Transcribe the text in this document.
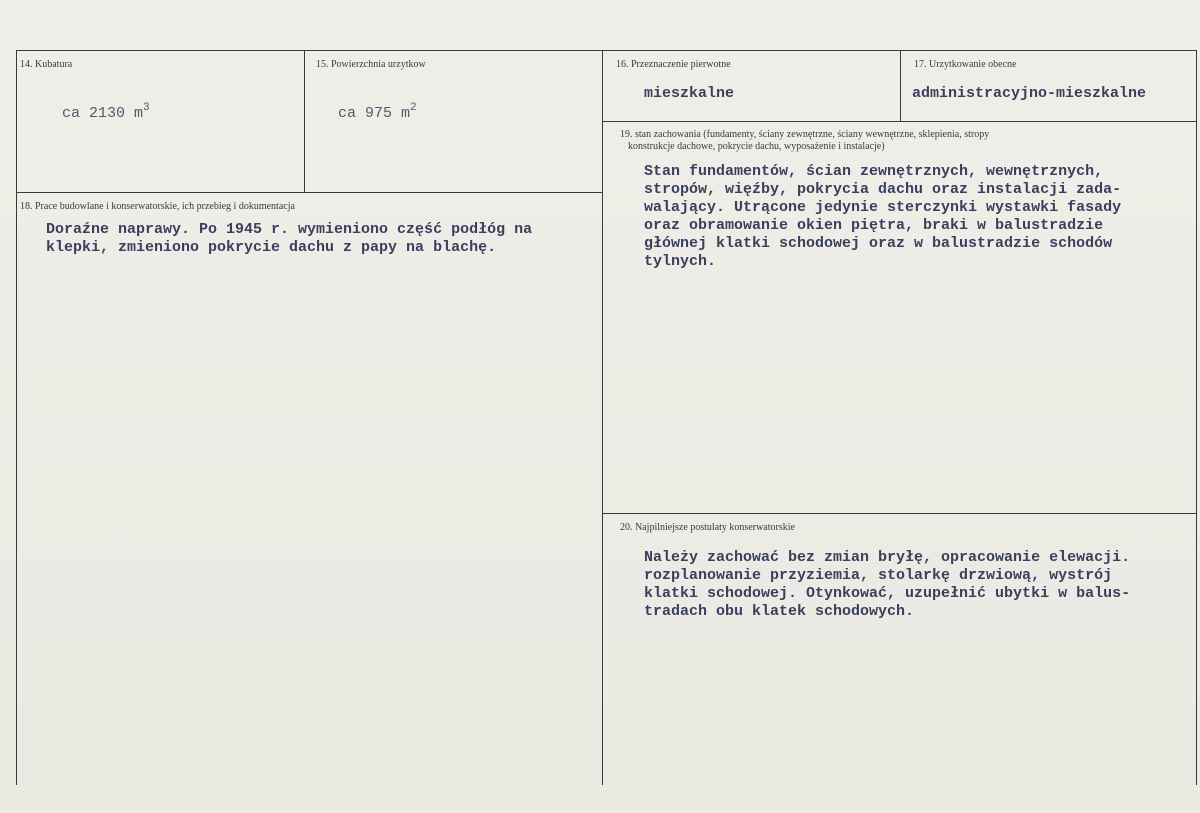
14. Kubatura
ca 2130 $m^3$
15. Powierzchnia urzytkow
ca 975 $m^2$
16. Przeznaczenie pierwotne
mieszkalne
17. Urzytkowanie obecne
administracyjno-mieszkalne
18. Prace budowlane i konserwatorskie, ich przebieg i dokumentacja
Doraźne naprawy. Po 1945 r. wymieniono część podłóg na
klepki, zmieniono pokrycie dachu z papy na blachę.
19. stan zachowania (fundamenty, ściany zewnętrzne, ściany wewnętrzne, sklepienia, stropy
konstrukcje dachowe, pokrycie dachu, wyposażenie i instalacje)
Stan fundamentów, ścian zewnętrznych, wewnętrznych,
stropów, więźby, pokrycia dachu oraz instalacji zada-
walający. Utrącone jedynie sterczynki wystawki fasady
oraz obramowanie okien piętra, braki w balustradzie
głównej klatki schodowej oraz w balustradzie schodów
tylnych.
20. Najpilniejsze postulaty konserwatorskie
Należy zachować bez zmian bryłę, opracowanie elewacji.
rozplanowanie przyziemia, stolarkę drzwiową, wystrój
klatki schodowej. Otynkować, uzupełnić ubytki w balus-
tradach obu klatek schodowych.
